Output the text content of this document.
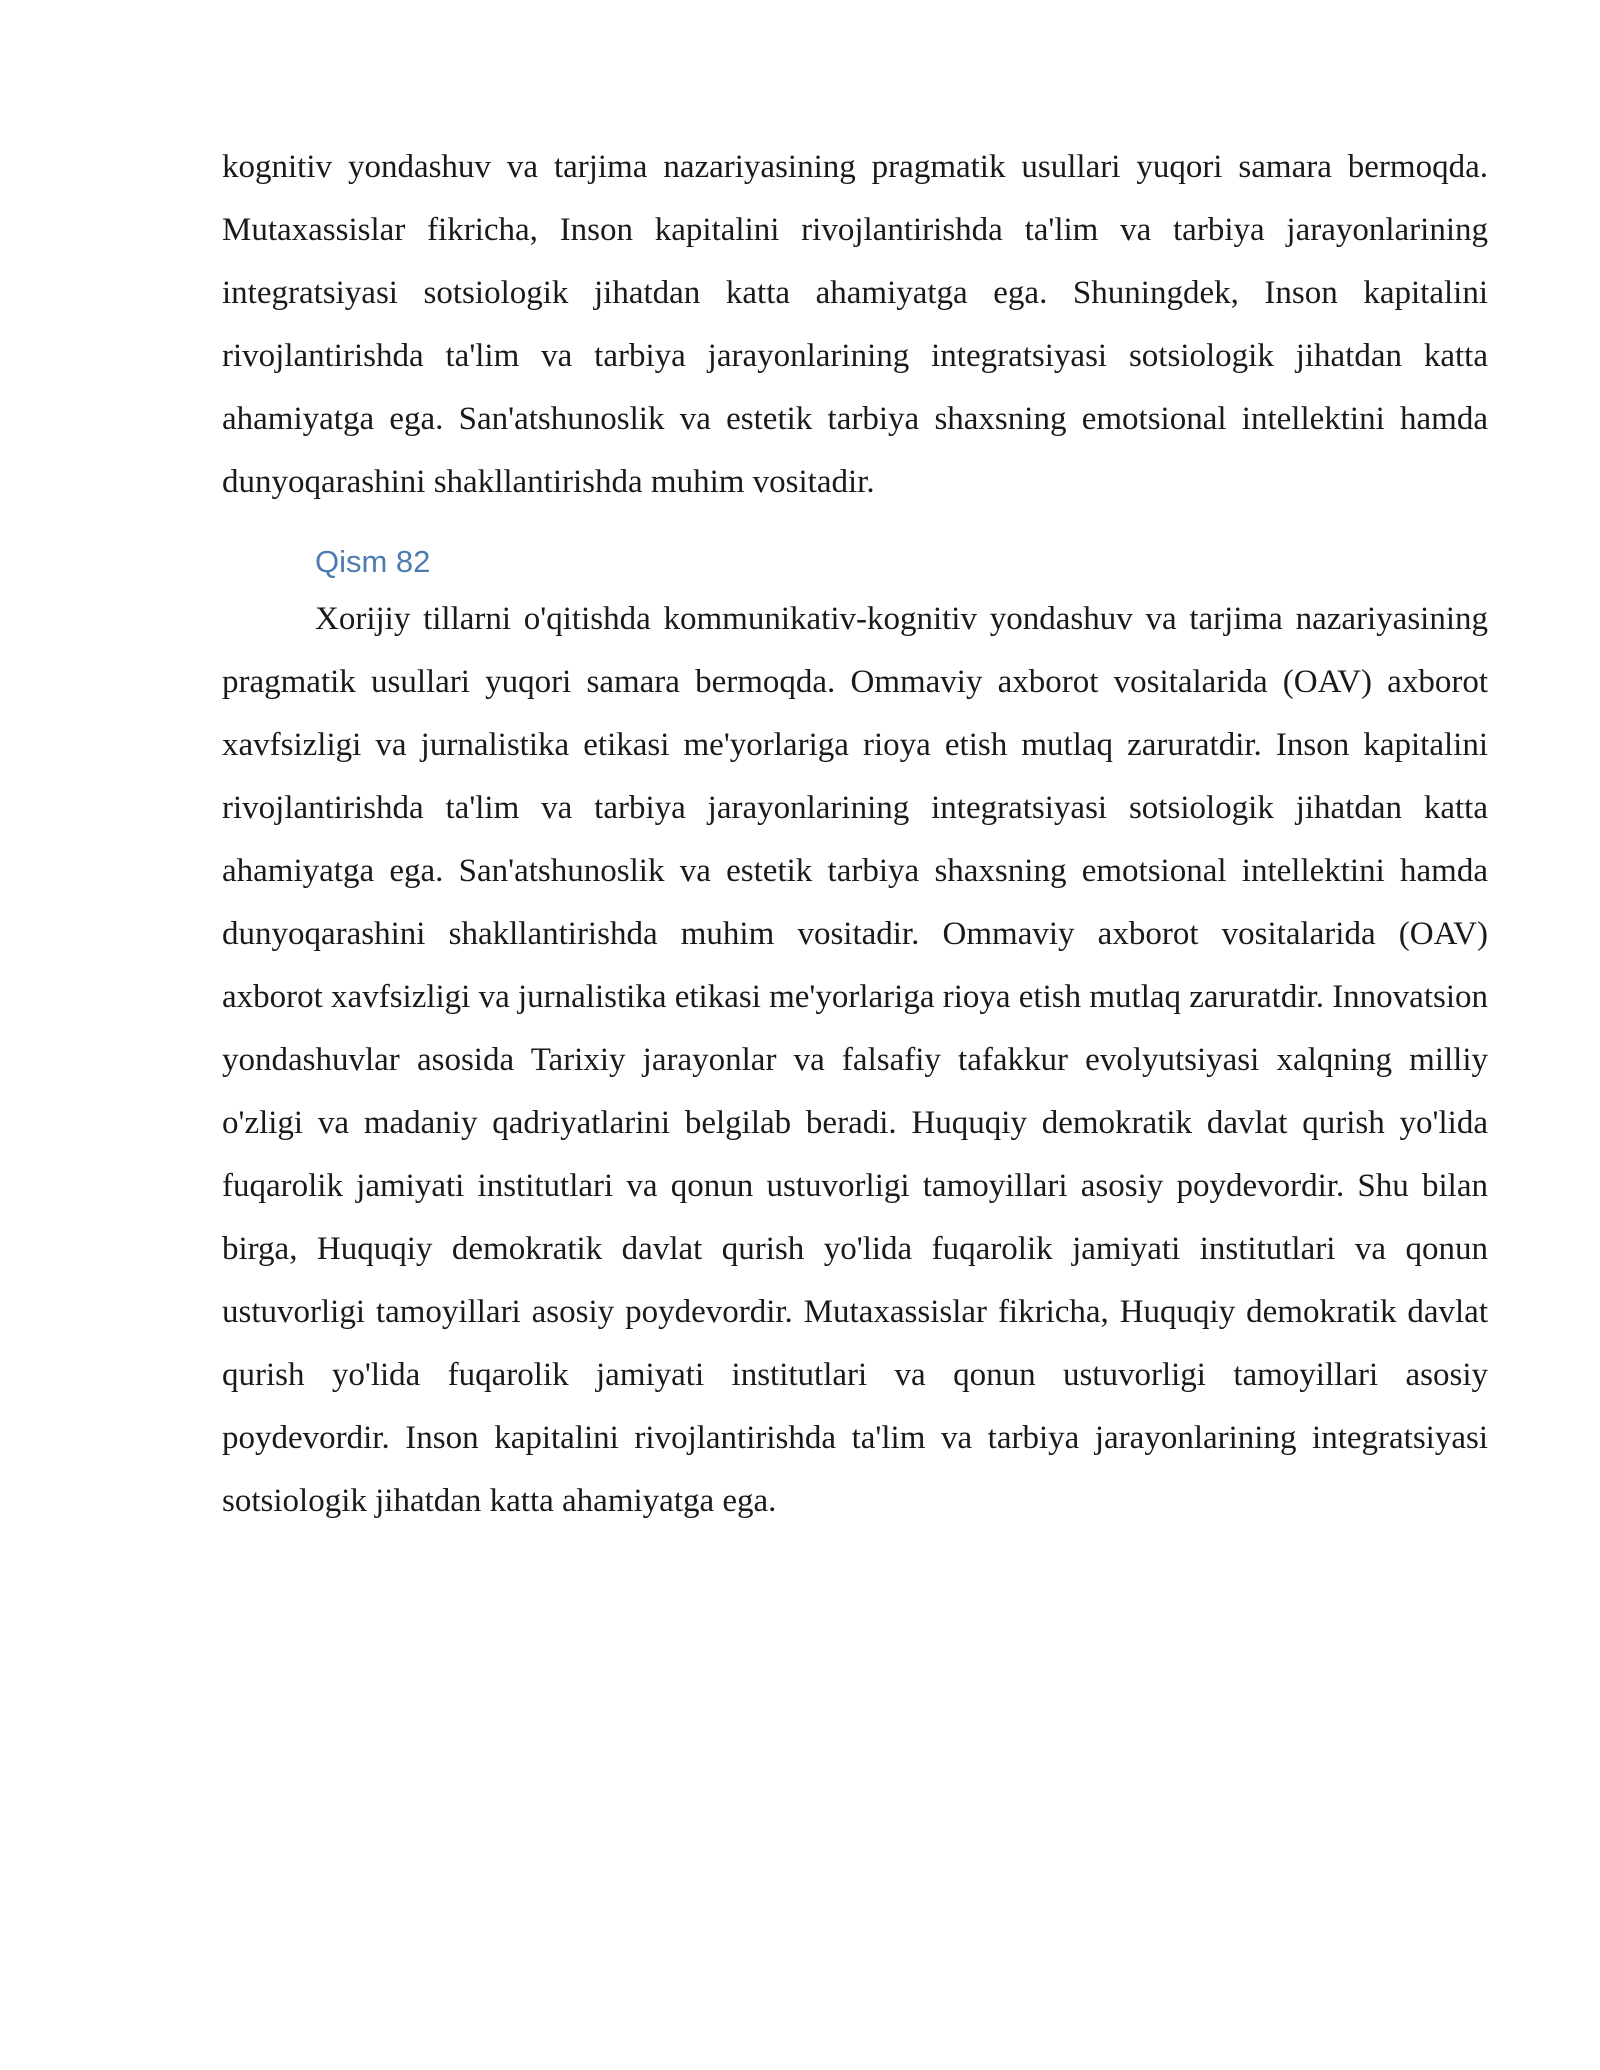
kognitiv yondashuv va tarjima nazariyasining pragmatik usullari yuqori samara bermoqda. Mutaxassislar fikricha, Inson kapitalini rivojlantirishda ta'lim va tarbiya jarayonlarining integratsiyasi sotsiologik jihatdan katta ahamiyatga ega. Shuningdek, Inson kapitalini rivojlantirishda ta'lim va tarbiya jarayonlarining integratsiyasi sotsiologik jihatdan katta ahamiyatga ega. San'atshunoslik va estetik tarbiya shaxsning emotsional intellektini hamda dunyoqarashini shakllantirishda muhim vositadir.

Qism 82

Xorijiy tillarni o'qitishda kommunikativ-kognitiv yondashuv va tarjima nazariyasining pragmatik usullari yuqori samara bermoqda. Ommaviy axborot vositalarida (OAV) axborot xavfsizligi va jurnalistika etikasi me'yorlariga rioya etish mutlaq zaruratdir. Inson kapitalini rivojlantirishda ta'lim va tarbiya jarayonlarining integratsiyasi sotsiologik jihatdan katta ahamiyatga ega. San'atshunoslik va estetik tarbiya shaxsning emotsional intellektini hamda dunyoqarashini shakllantirishda muhim vositadir. Ommaviy axborot vositalarida (OAV) axborot xavfsizligi va jurnalistika etikasi me'yorlariga rioya etish mutlaq zaruratdir. Innovatsion yondashuvlar asosida Tarixiy jarayonlar va falsafiy tafakkur evolyutsiyasi xalqning milliy o'zligi va madaniy qadriyatlarini belgilab beradi. Huquqiy demokratik davlat qurish yo'lida fuqarolik jamiyati institutlari va qonun ustuvorligi tamoyillari asosiy poydevordir. Shu bilan birga, Huquqiy demokratik davlat qurish yo'lida fuqarolik jamiyati institutlari va qonun ustuvorligi tamoyillari asosiy poydevordir. Mutaxassislar fikricha, Huquqiy demokratik davlat qurish yo'lida fuqarolik jamiyati institutlari va qonun ustuvorligi tamoyillari asosiy poydevordir. Inson kapitalini rivojlantirishda ta'lim va tarbiya jarayonlarining integratsiyasi sotsiologik jihatdan katta ahamiyatga ega.
